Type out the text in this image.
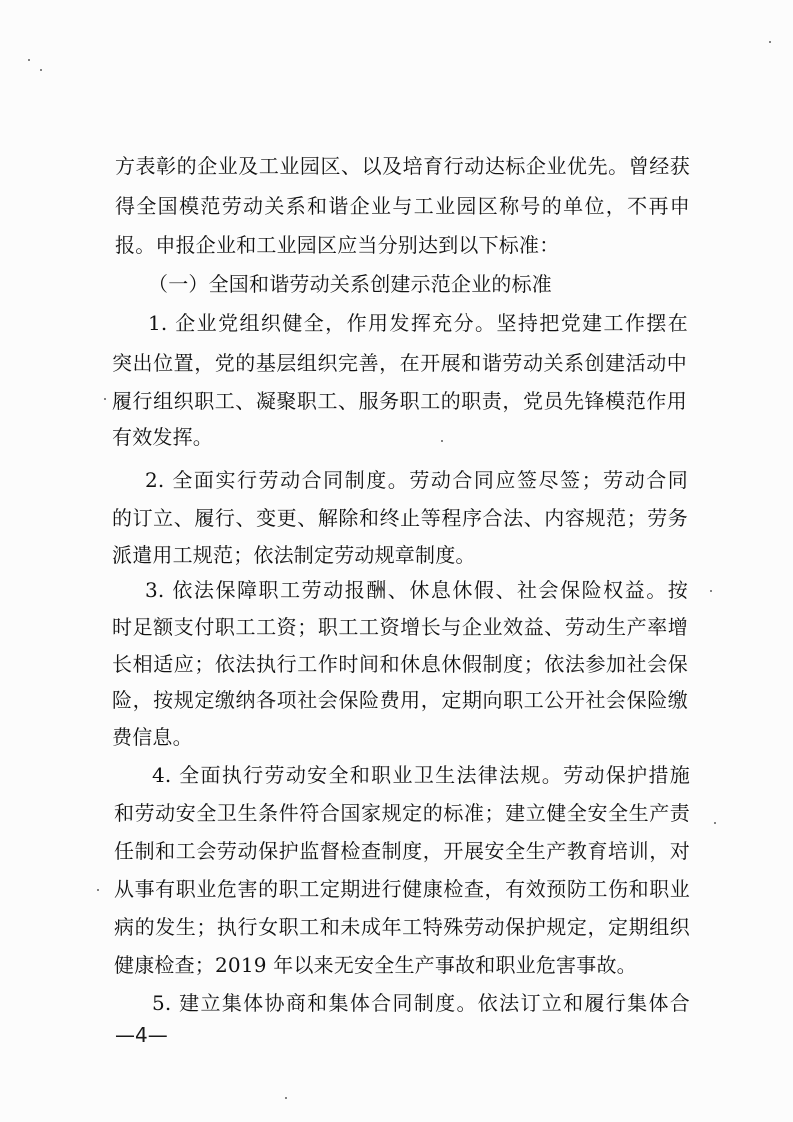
方表彰的企业及工业园区、以及培育行动达标企业优先。曾经获
得全国模范劳动关系和谐企业与工业园区称号的单位，不再申
报。申报企业和工业园区应当分别达到以下标准：
（一）全国和谐劳动关系创建示范企业的标准
1. 企业党组织健全，作用发挥充分。坚持把党建工作摆在
突出位置，党的基层组织完善，在开展和谐劳动关系创建活动中
履行组织职工、凝聚职工、服务职工的职责，党员先锋模范作用
有效发挥。
2. 全面实行劳动合同制度。劳动合同应签尽签；劳动合同
的订立、履行、变更、解除和终止等程序合法、内容规范；劳务
派遣用工规范；依法制定劳动规章制度。
3. 依法保障职工劳动报酬、休息休假、社会保险权益。按
时足额支付职工工资；职工工资增长与企业效益、劳动生产率增
长相适应；依法执行工作时间和休息休假制度；依法参加社会保
险，按规定缴纳各项社会保险费用，定期向职工公开社会保险缴
费信息。
4. 全面执行劳动安全和职业卫生法律法规。劳动保护措施
和劳动安全卫生条件符合国家规定的标准；建立健全安全生产责
任制和工会劳动保护监督检查制度，开展安全生产教育培训，对
从事有职业危害的职工定期进行健康检查，有效预防工伤和职业
病的发生；执行女职工和未成年工特殊劳动保护规定，定期组织
健康检查；2019 年以来无安全生产事故和职业危害事故。
5. 建立集体协商和集体合同制度。依法订立和履行集体合
—4—
